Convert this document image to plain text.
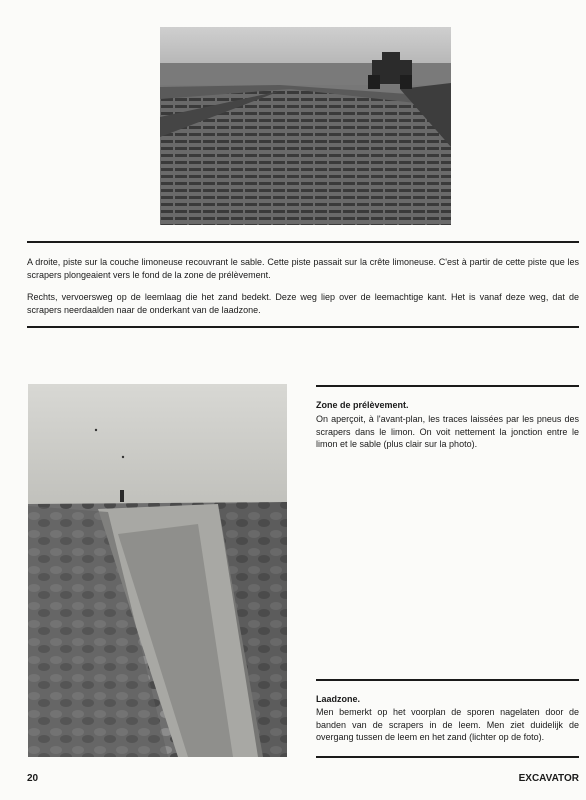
A droite, piste sur la couche limoneuse recouvrant le sable. Cette piste passait sur la crête limoneuse. C'est à partir de cette piste que les scrapers plongeaient vers le fond de la zone de prélèvement.

Rechts, vervoersweg op de leemlaag die het zand bedekt. Deze weg liep over de leemachtige kant. Het is vanaf deze weg, dat de scrapers neerdaalden naar de onderkant van de laadzone.

Zone de prélèvement.

On aperçoit, à l'avant-plan, les traces laissées par les pneus des scrapers dans le limon. On voit nettement la jonction entre le limon et le sable (plus clair sur la photo).

Laadzone.

Men bemerkt op het voorplan de sporen nagelaten door de banden van de scrapers in de leem. Men ziet duidelijk de overgang tussen de leem en het zand (lichter op de foto).

20	EXCAVATOR
